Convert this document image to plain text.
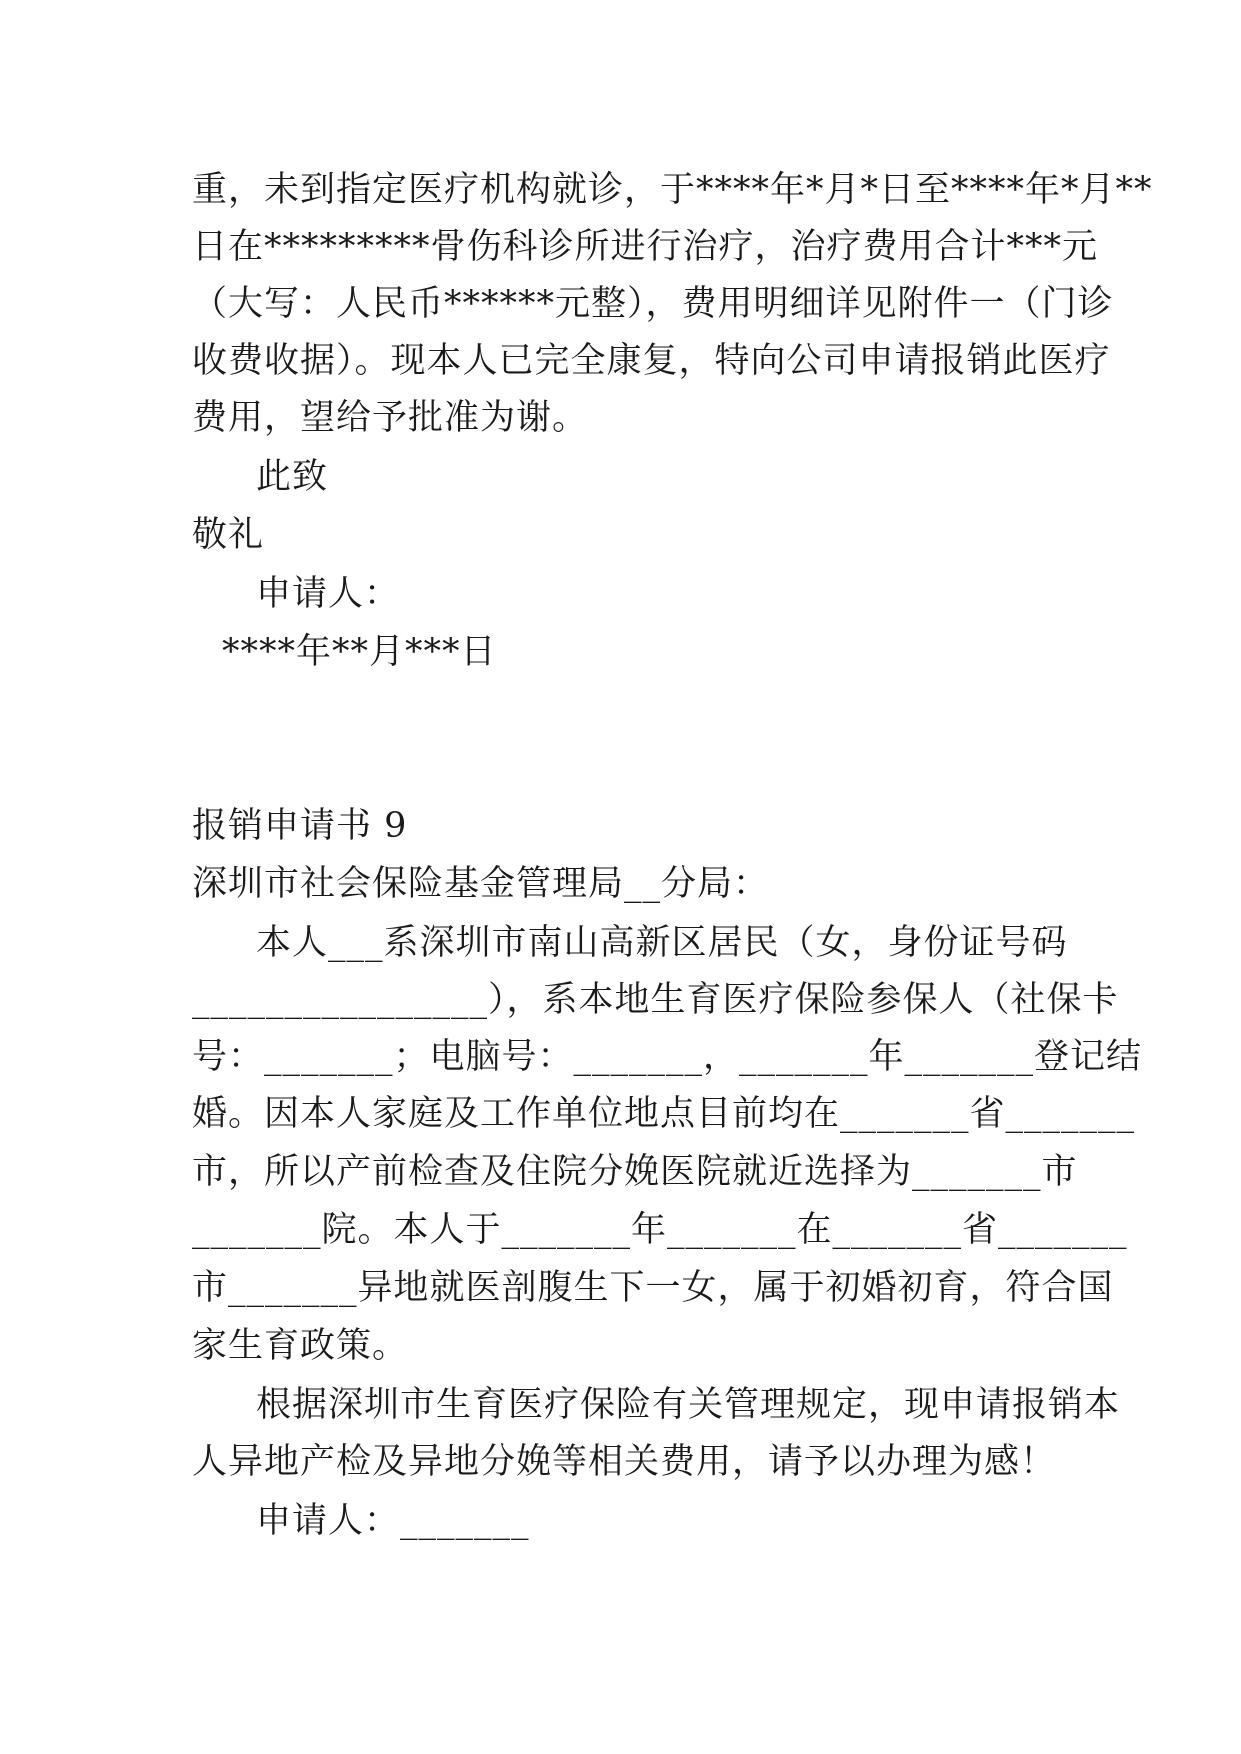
重，未到指定医疗机构就诊，于****年*月*日至****年*月**
日在*********骨伤科诊所进行治疗，治疗费用合计***元
（大写：人民币******元整），费用明细详见附件一（门诊
收费收据）。现本人已完全康复，特向公司申请报销此医疗
费用，望给予批准为谢。
此致
敬礼
申请人：
****年**月***日
报销申请书 9
深圳市社会保险基金管理局__分局：
本人___系深圳市南山高新区居民（女，身份证号码
________________），系本地生育医疗保险参保人（社保卡
号：_______；电脑号：_______，_______年_______登记结
婚。因本人家庭及工作单位地点目前均在_______省_______
市，所以产前检查及住院分娩医院就近选择为_______市
_______院。本人于_______年_______在_______省_______
市_______异地就医剖腹生下一女，属于初婚初育，符合国
家生育政策。
根据深圳市生育医疗保险有关管理规定，现申请报销本
人异地产检及异地分娩等相关费用，请予以办理为感！
申请人：_______
